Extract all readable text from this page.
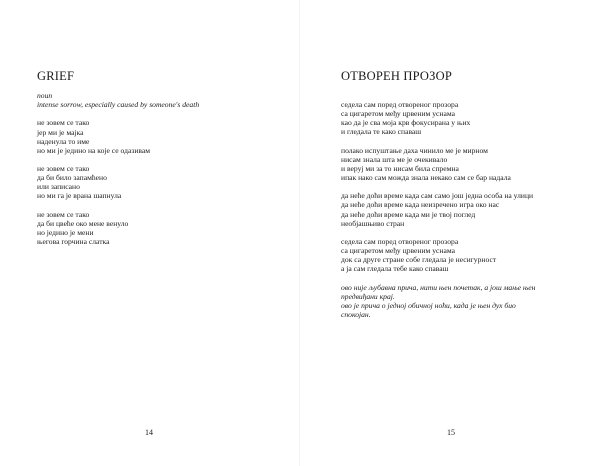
GRIEF
noun
intense sorrow, especially caused by someone's death
не зовем се тако
јер ми је мајка
наденула то име
но ми је једино на које се одазивам
не зовем се тако
да би било запамћено
или записано
но ми га је врана шапнула
не зовем се тако
да би цвеће око мене венуло
но једино је мени
његова горчина слатка
14
ОТВОРЕН ПРОЗОР
седела сам поред отвореног прозора
са цигаретом међу црвеним уснама
као да је сва моја крв фокусирана у њих
и гледала те како спаваш
полако испуштање даха чинило ме је мирном
нисам знала шта ме је очекивало
и веруј ми за то нисам била спремна
ипак нако сам можда знала некако сам се бар надала
да неће доћи време када сам само још једна особа на улици
да неће доћи време када неизречено игра око нас
да неће доћи време када ми је твој поглед
необјашњиво стран
седела сам поред отвореног прозора
са цигаретом међу црвеним уснама
док са друге стране собе гледала је несигурност
а ја сам гледала тебе како спаваш
ово није љубавна прича, нити њен почетак, а још мање њен
предвиђани крај.
ово је прича о једној обичној ноћи, када је њен дух био
спокојан.
15
